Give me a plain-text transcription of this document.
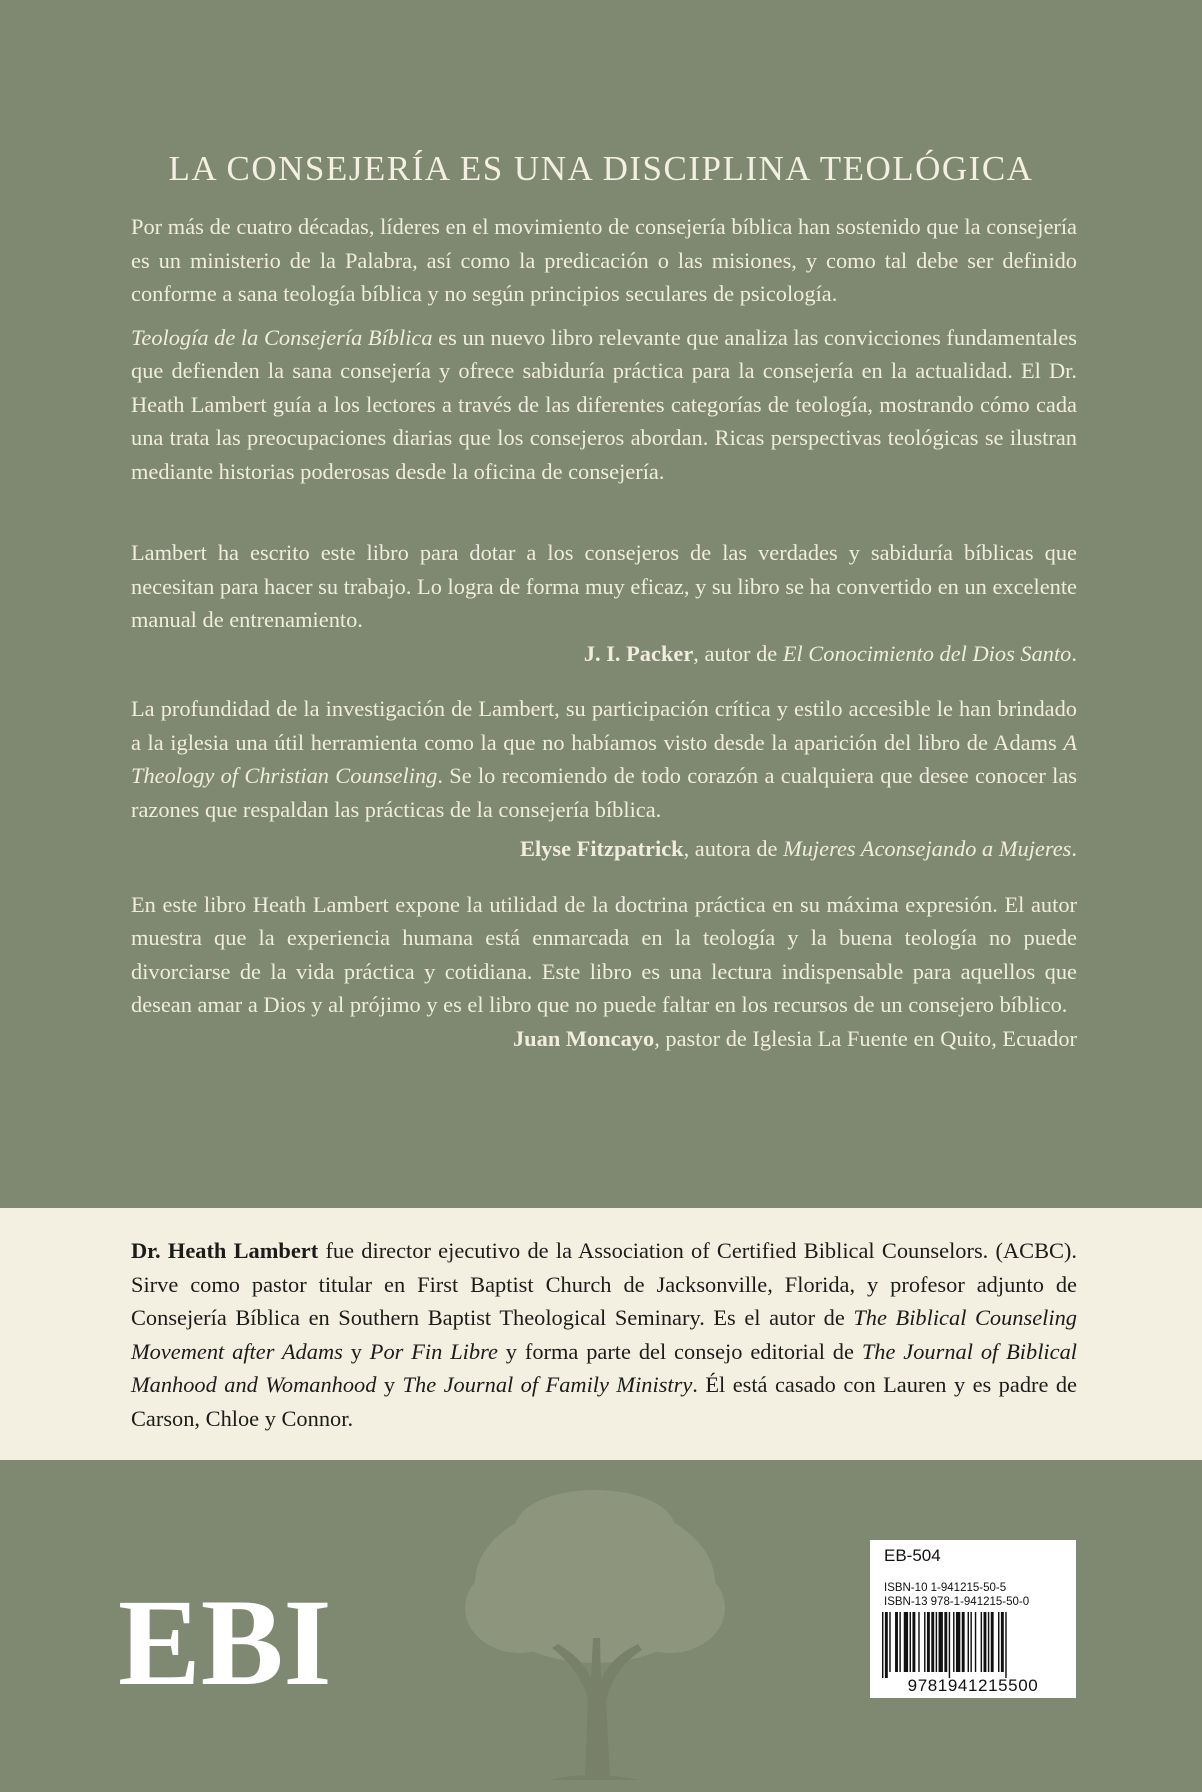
LA CONSEJERÍA ES UNA DISCIPLINA TEOLÓGICA

Por más de cuatro décadas, líderes en el movimiento de consejería bíblica han sostenido que la consejería es un ministerio de la Palabra, así como la predicación o las misiones, y como tal debe ser definido conforme a sana teología bíblica y no según principios seculares de psicología.

Teología de la Consejería Bíblica es un nuevo libro relevante que analiza las convicciones fundamentales que defienden la sana consejería y ofrece sabiduría práctica para la consejería en la actualidad. El Dr. Heath Lambert guía a los lectores a través de las diferentes categorías de teología, mostrando cómo cada una trata las preocupaciones diarias que los consejeros abordan. Ricas perspectivas teológicas se ilustran mediante historias poderosas desde la oficina de consejería.

Lambert ha escrito este libro para dotar a los consejeros de las verdades y sabiduría bíblicas que necesitan para hacer su trabajo. Lo logra de forma muy eficaz, y su libro se ha convertido en un excelente manual de entrenamiento.

J. I. Packer, autor de El Conocimiento del Dios Santo.

La profundidad de la investigación de Lambert, su participación crítica y estilo accesible le han brindado a la iglesia una útil herramienta como la que no habíamos visto desde la aparición del libro de Adams A Theology of Christian Counseling. Se lo recomiendo de todo corazón a cualquiera que desee conocer las razones que respaldan las prácticas de la consejería bíblica.

Elyse Fitzpatrick, autora de Mujeres Aconsejando a Mujeres.

En este libro Heath Lambert expone la utilidad de la doctrina práctica en su máxima expresión. El autor muestra que la experiencia humana está enmarcada en la teología y la buena teología no puede divorciarse de la vida práctica y cotidiana. Este libro es una lectura indispensable para aquellos que desean amar a Dios y al prójimo y es el libro que no puede faltar en los recursos de un consejero bíblico.

Juan Moncayo, pastor de Iglesia La Fuente en Quito, Ecuador

Dr. Heath Lambert fue director ejecutivo de la Association of Certified Biblical Counselors. (ACBC). Sirve como pastor titular en First Baptist Church de Jacksonville, Florida, y profesor adjunto de Consejería Bíblica en Southern Baptist Theological Seminary. Es el autor de The Biblical Counseling Movement after Adams y Por Fin Libre y forma parte del consejo editorial de The Journal of Biblical Manhood and Womanhood y The Journal of Family Ministry. Él está casado con Lauren y es padre de Carson, Chloe y Connor.

EBI
EB-504
ISBN-10 1-941215-50-5
ISBN-13 978-1-941215-50-0
9781941215500
